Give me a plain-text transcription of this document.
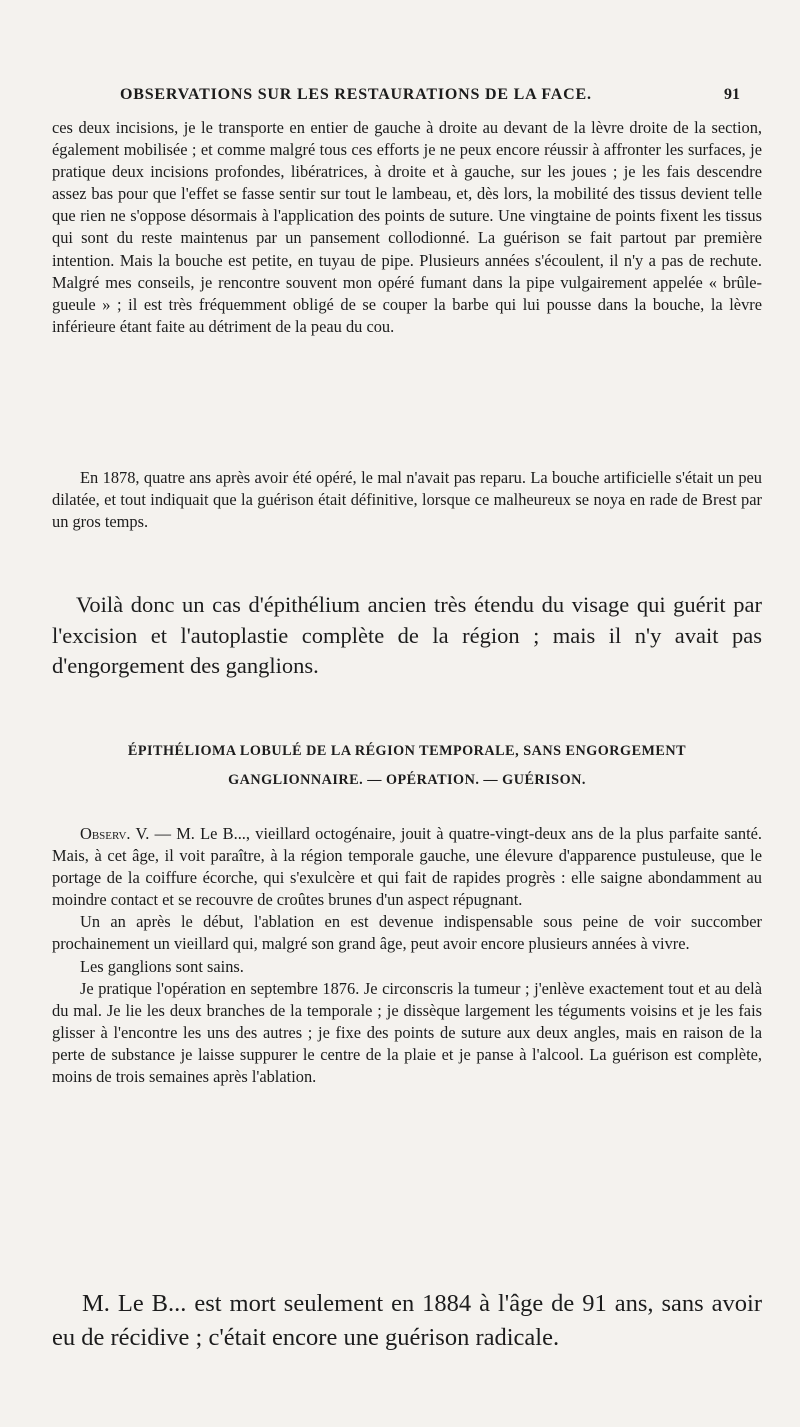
OBSERVATIONS SUR LES RESTAURATIONS DE LA FACE.	91

ces deux incisions, je le transporte en entier de gauche à droite au devant de la lèvre droite de la section, également mobilisée ; et comme malgré tous ces efforts je ne peux encore réussir à affronter les surfaces, je pratique deux incisions profondes, libératrices, à droite et à gauche, sur les joues ; je les fais descendre assez bas pour que l'effet se fasse sentir sur tout le lambeau, et, dès lors, la mobilité des tissus devient telle que rien ne s'oppose désormais à l'application des points de suture. Une vingtaine de points fixent les tissus qui sont du reste maintenus par un pansement collodionné. La guérison se fait partout par première intention. Mais la bouche est petite, en tuyau de pipe. Plusieurs années s'écoulent, il n'y a pas de rechute. Malgré mes conseils, je rencontre souvent mon opéré fumant dans la pipe vulgairement appelée « brûle-gueule » ; il est très fréquemment obligé de se couper la barbe qui lui pousse dans la bouche, la lèvre inférieure étant faite au détriment de la peau du cou.

En 1878, quatre ans après avoir été opéré, le mal n'avait pas reparu. La bouche artificielle s'était un peu dilatée, et tout indiquait que la guérison était définitive, lorsque ce malheureux se noya en rade de Brest par un gros temps.

Voilà donc un cas d'épithélium ancien très étendu du visage qui guérit par l'excision et l'autoplastie complète de la région ; mais il n'y avait pas d'engorgement des ganglions.

ÉPITHÉLIOMA LOBULÉ DE LA RÉGION TEMPORALE, SANS ENGORGEMENT
GANGLIONNAIRE. — OPÉRATION. — GUÉRISON.

Observ. V. — M. Le B..., vieillard octogénaire, jouit à quatre-vingt-deux ans de la plus parfaite santé. Mais, à cet âge, il voit paraître, à la région temporale gauche, une élevure d'apparence pustuleuse, que le portage de la coiffure écorche, qui s'exulcère et qui fait de rapides progrès : elle saigne abondamment au moindre contact et se recouvre de croûtes brunes d'un aspect répugnant.

Un an après le début, l'ablation en est devenue indispensable sous peine de voir succomber prochainement un vieillard qui, malgré son grand âge, peut avoir encore plusieurs années à vivre.

Les ganglions sont sains.

Je pratique l'opération en septembre 1876. Je circonscris la tumeur ; j'enlève exactement tout et au delà du mal. Je lie les deux branches de la temporale ; je dissèque largement les téguments voisins et je les fais glisser à l'encontre les uns des autres ; je fixe des points de suture aux deux angles, mais en raison de la perte de substance je laisse suppurer le centre de la plaie et je panse à l'alcool. La guérison est complète, moins de trois semaines après l'ablation.

M. Le B... est mort seulement en 1884 à l'âge de 91 ans, sans avoir eu de récidive ; c'était encore une guérison radicale.
